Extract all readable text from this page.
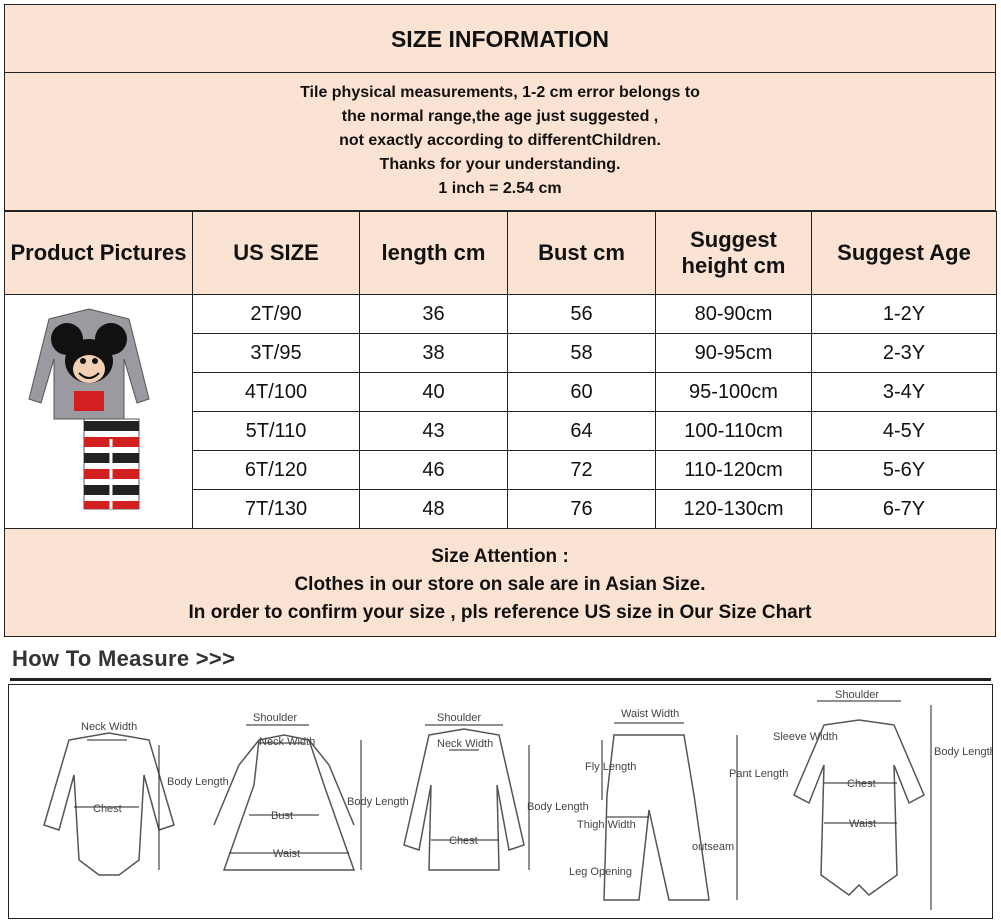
SIZE INFORMATION
Tile physical measurements, 1-2 cm error belongs to
the normal range,the age just suggested ,
not exactly according to differentChildren.
Thanks for your understanding.
1 inch = 2.54 cm
Product Pictures	US SIZE	length cm	Bust cm	Suggest height cm	Suggest Age
	2T/90	36	56	80-90cm	1-2Y
	3T/95	38	58	90-95cm	2-3Y
	4T/100	40	60	95-100cm	3-4Y
	5T/110	43	64	100-110cm	4-5Y
	6T/120	46	72	110-120cm	5-6Y
	7T/130	48	76	120-130cm	6-7Y
Size Attention :
Clothes in our store on sale are in Asian Size.
In order to confirm your size , pls reference US size in Our Size Chart
How To Measure >>>
Neck Width
Chest
Body Length
Shoulder
Neck Width
Bust
Waist
Body Length
Shoulder
Neck Width
Chest
Body Length
Waist Width
Fly Length
Pant Length
Thigh Width
outseam
Leg Opening
Shoulder
Sleeve Width
Chest
Waist
Body Length
